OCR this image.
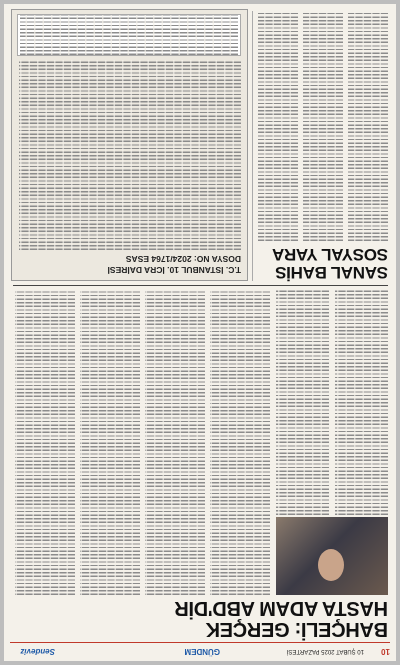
10
10 ŞUBAT 2025 PAZARTESİ
GÜNDEM
Sendeviz
BAHÇELİ: GERÇEK
HASTA ADAM ABD'DİR
SANAL BAHİS
SOSYAL YARA
T.C. İSTANBUL 10. İCRA DAİRESİ
DOSYA NO: 2024/1764 ESAS
